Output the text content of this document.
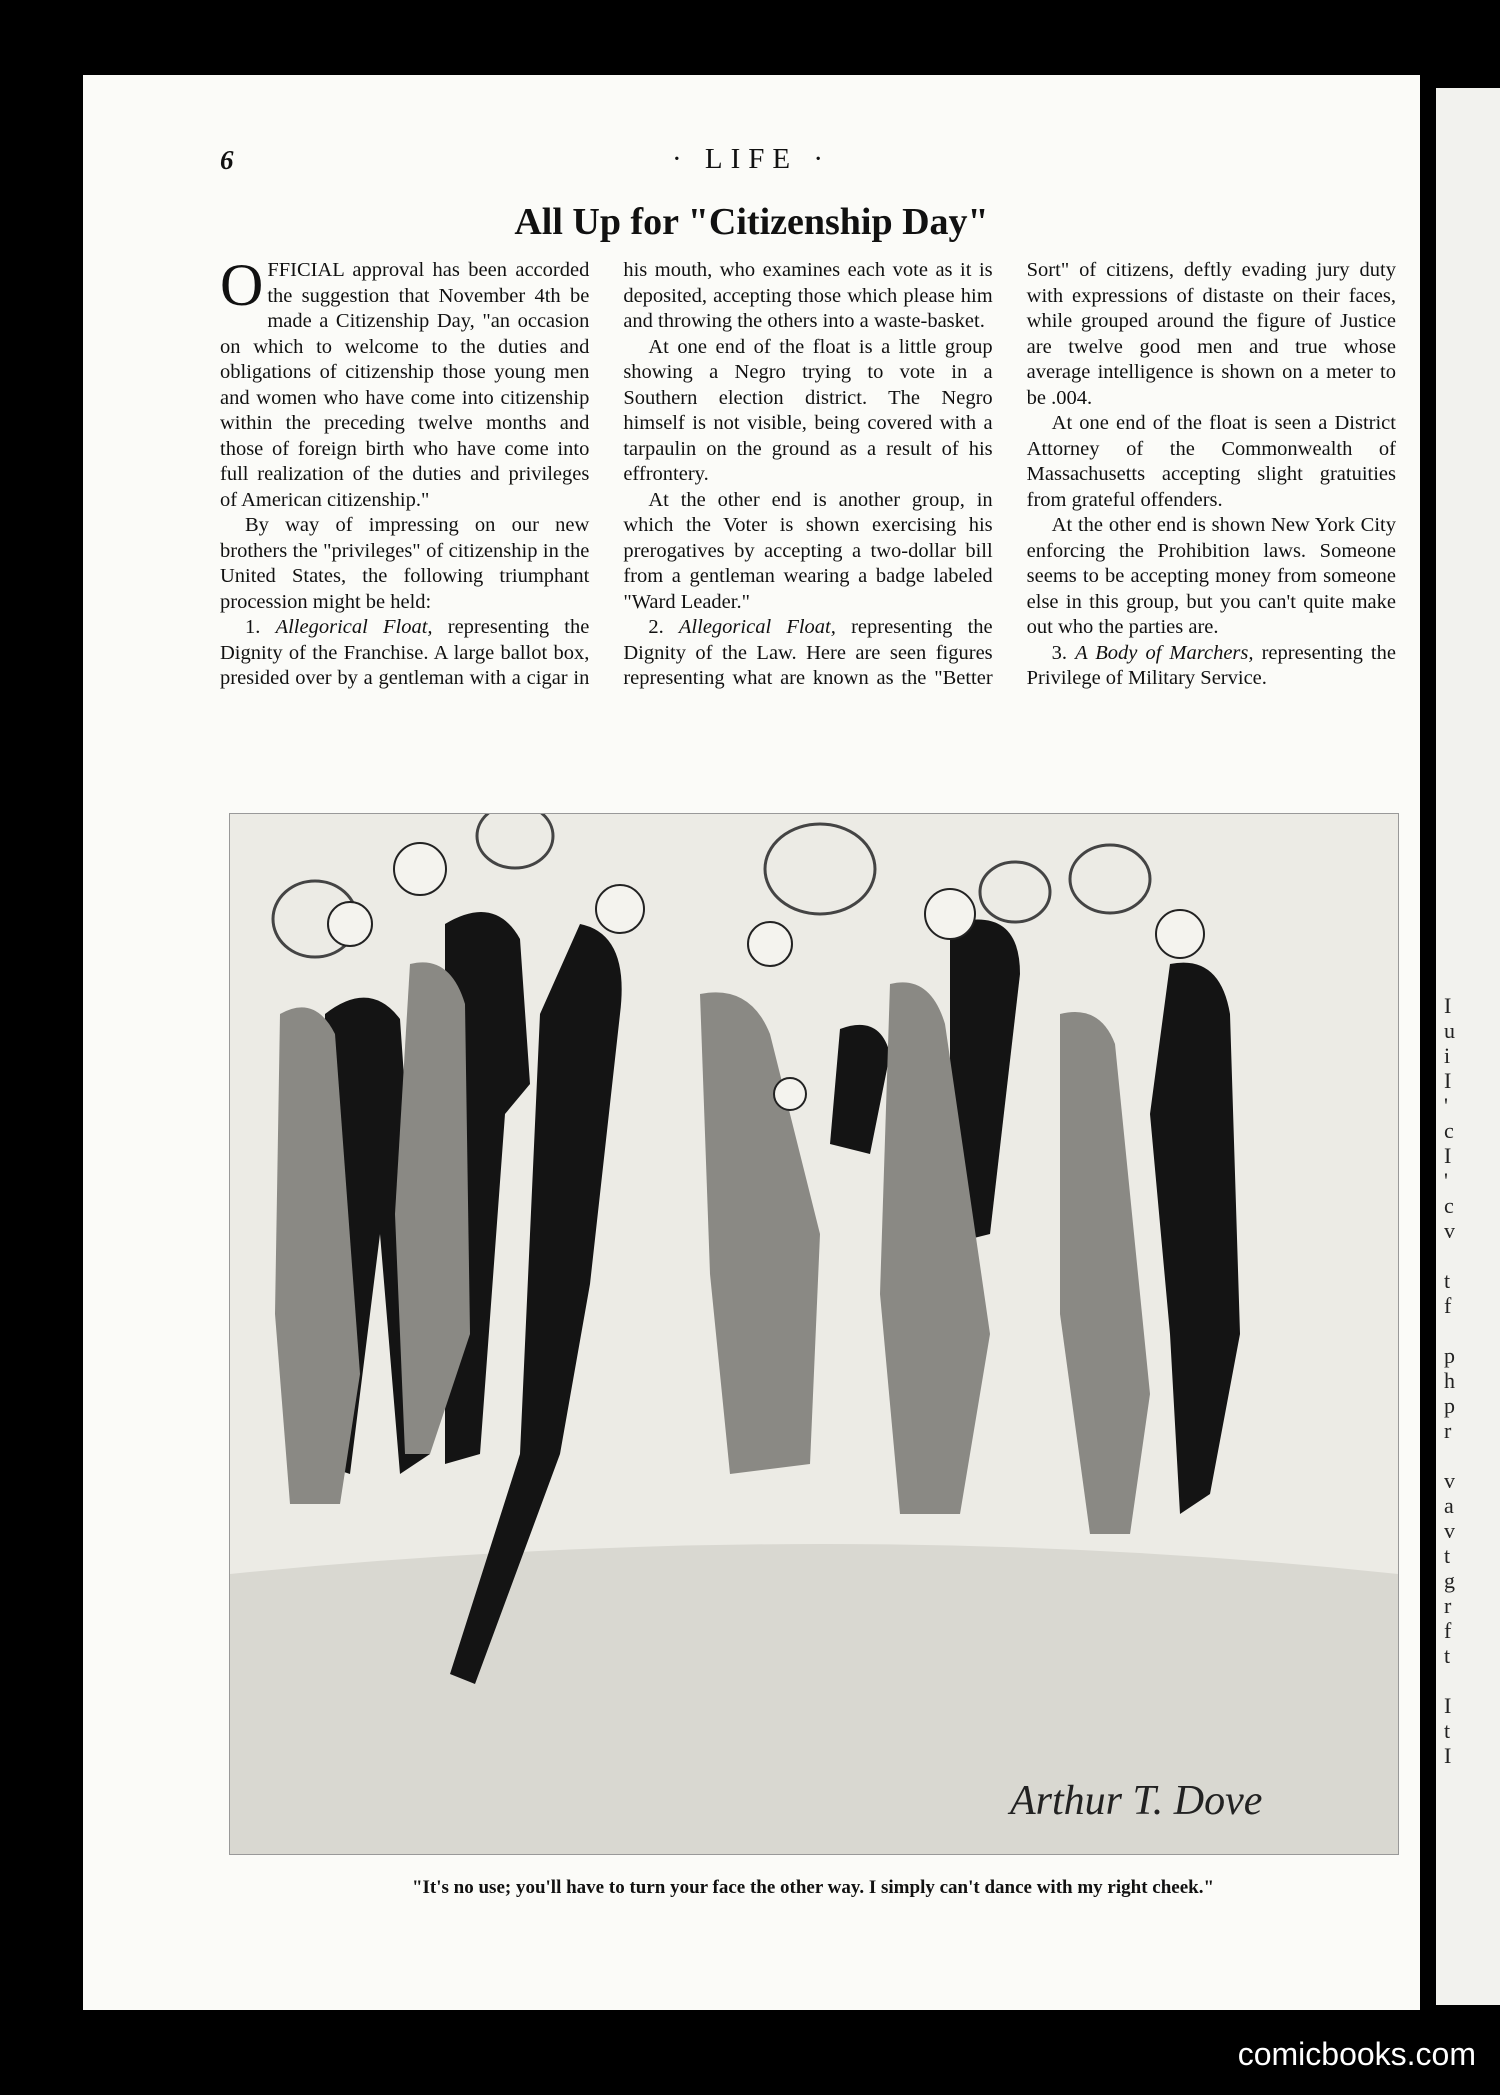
6	· LIFE ·
All Up for "Citizenship Day"

OFFICIAL approval has been accorded the suggestion that November 4th be made a Citizenship Day, "an occasion on which to welcome to the duties and obligations of citizenship those young men and women who have come into citizenship within the preceding twelve months and those of foreign birth who have come into full realization of the duties and privileges of American citizenship."

By way of impressing on our new brothers the "privileges" of citizenship in the United States, the following triumphant procession might be held:

1. Allegorical Float, representing the Dignity of the Franchise. A large ballot box, presided over by a gentleman with a cigar in his mouth, who examines each vote as it is deposited, accepting those which please him and throwing the others into a waste-basket.

At one end of the float is a little group showing a Negro trying to vote in a Southern election district. The Negro himself is not visible, being covered with a tarpaulin on the ground as a result of his effrontery.

At the other end is another group, in which the Voter is shown exercising his prerogatives by accepting a two-dollar bill from a gentleman wearing a badge labeled "Ward Leader."

2. Allegorical Float, representing the Dignity of the Law. Here are seen figures representing what are known as the "Better Sort" of citizens, deftly evading jury duty with expressions of distaste on their faces, while grouped around the figure of Justice are twelve good men and true whose average intelligence is shown on a meter to be .004.

At one end of the float is seen a District Attorney of the Commonwealth of Massachusetts accepting slight gratuities from grateful offenders.

At the other end is shown New York City enforcing the Prohibition laws. Someone seems to be accepting money from someone else in this group, but you can't quite make out who the parties are.

3. A Body of Marchers, representing the Privilege of Military Service.

Arthur T. Dove
"It's no use; you'll have to turn your face the other way. I simply can't dance with my right cheek."
I
u
i
I
'
c
I
'
c
v

t
f

p
h
p
r

v
a
v
t
g
r
f
t

I
t
I
comicbooks.com
